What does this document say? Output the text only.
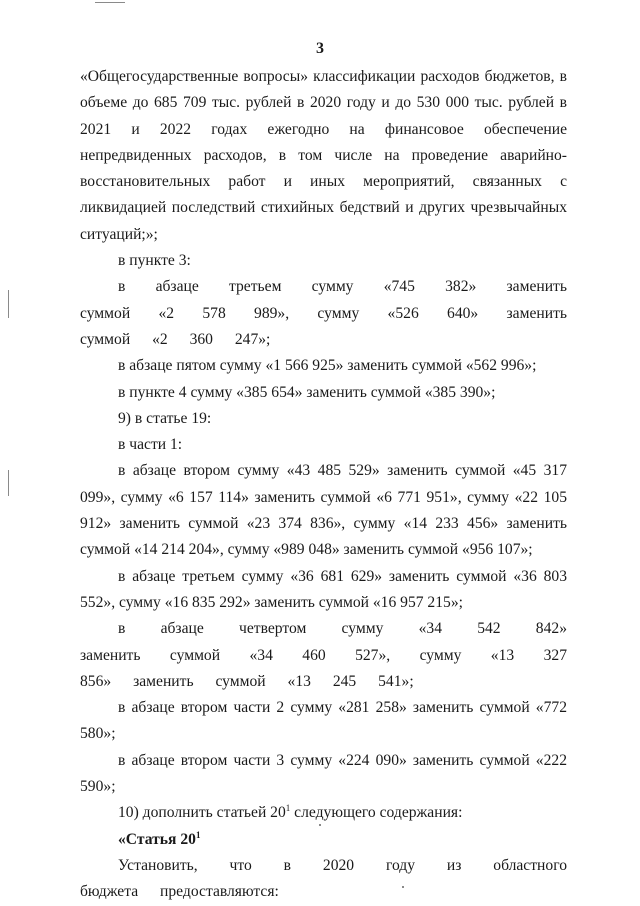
3

«Общегосударственные вопросы» классификации расходов бюджетов, в объеме до 685 709 тыс. рублей в 2020 году и до 530 000 тыс. рублей в 2021 и 2022 годах ежегодно на финансовое обеспечение непредвиденных расходов, в том числе на проведение аварийно-восстановительных работ и иных мероприятий, связанных с ликвидацией последствий стихийных бедствий и других чрезвычайных ситуаций;»;

в пункте 3:

в абзаце третьем сумму «745 382» заменить суммой «2 578 989», сумму «526 640» заменить суммой «2 360 247»;

в абзаце пятом сумму «1 566 925» заменить суммой «562 996»;

в пункте 4 сумму «385 654» заменить суммой «385 390»;

9) в статье 19:

в части 1:

в абзаце втором сумму «43 485 529» заменить суммой «45 317 099», сумму «6 157 114» заменить суммой «6 771 951», сумму «22 105 912» заменить суммой «23 374 836», сумму «14 233 456» заменить суммой «14 214 204», сумму «989 048» заменить суммой «956 107»;

в абзаце третьем сумму «36 681 629» заменить суммой «36 803 552», сумму «16 835 292» заменить суммой «16 957 215»;

в абзаце четвертом сумму «34 542 842» заменить суммой «34 460 527», сумму «13 327 856» заменить суммой «13 245 541»;

в абзаце втором части 2 сумму «281 258» заменить суммой «772 580»;

в абзаце втором части 3 сумму «224 090» заменить суммой «222 590»;

10) дополнить статьей $20^1$ следующего содержания:

«Статья $20^1$

Установить, что в 2020 году из областного бюджета предоставляются:
